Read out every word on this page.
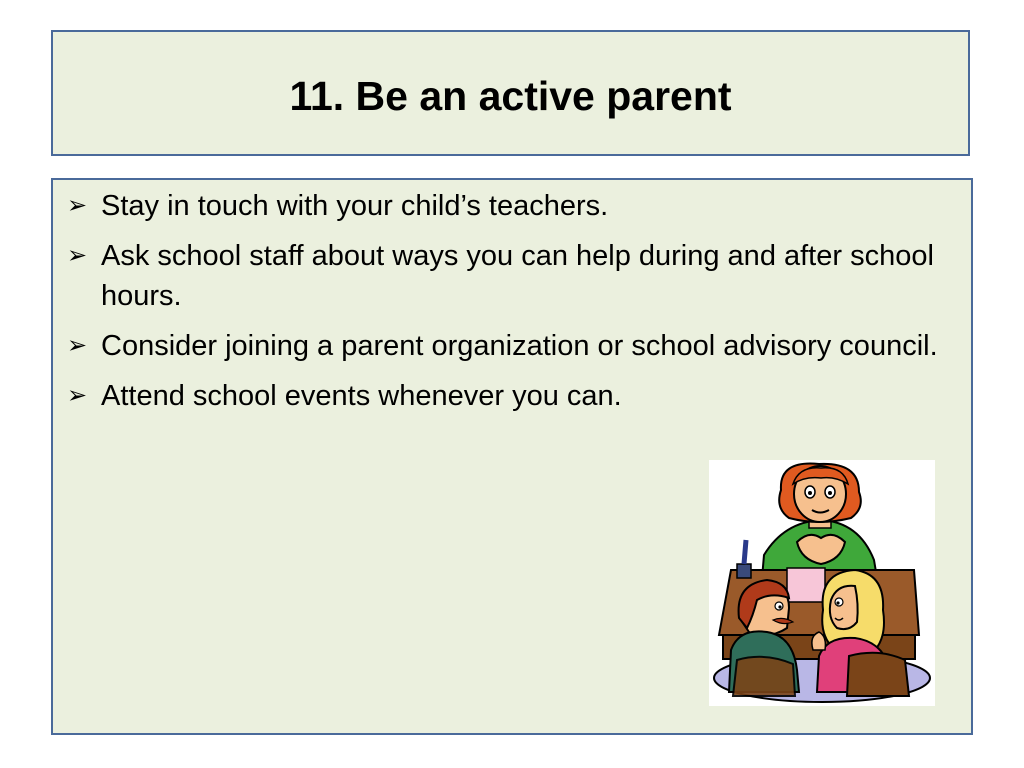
11. Be an active parent
➢ Stay in touch with your child’s teachers.
➢ Ask school staff about ways you can help during and after school hours.
➢ Consider joining a parent organization or school advisory council.
➢ Attend school events whenever you can.
